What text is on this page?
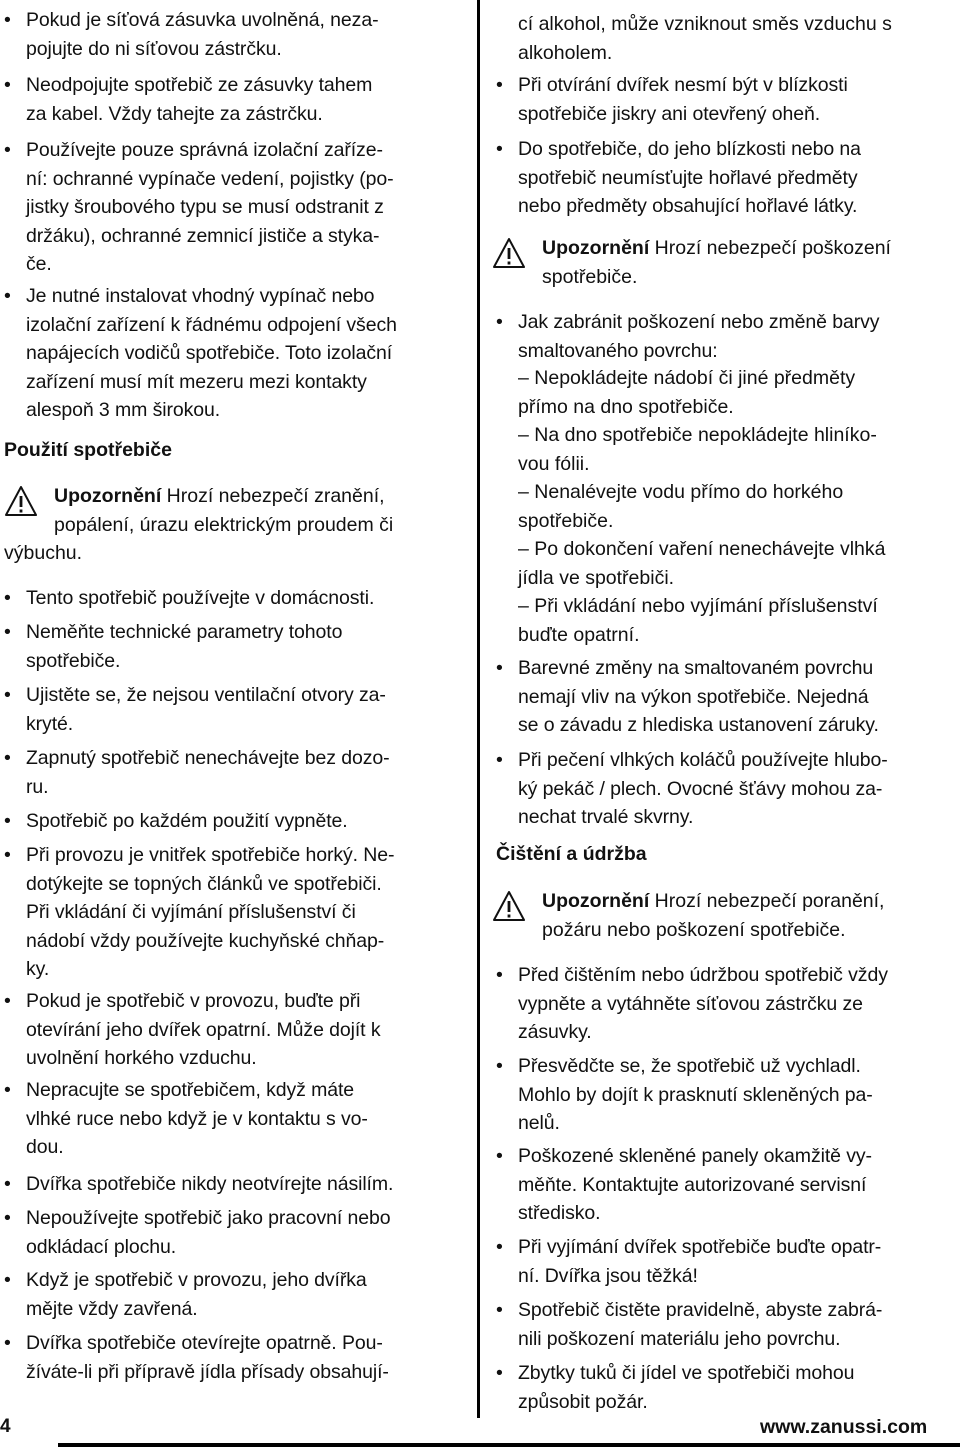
• Pokud je síťová zásuvka uvolněná, neza-
pojujte do ni síťovou zástrčku.
• Neodpojujte spotřebič ze zásuvky tahem
za kabel. Vždy tahejte za zástrčku.
• Používejte pouze správná izolační zaříze-
ní: ochranné vypínače vedení, pojistky (po-
jistky šroubového typu se musí odstranit z
držáku), ochranné zemnicí jističe a styka-
če.
• Je nutné instalovat vhodný vypínač nebo
izolační zařízení k řádnému odpojení všech
napájecích vodičů spotřebiče. Toto izolační
zařízení musí mít mezeru mezi kontakty
alespoň 3 mm širokou.
Použití spotřebiče
Upozornění Hrozí nebezpečí zranění,
popálení, úrazu elektrickým proudem či
výbuchu.
• Tento spotřebič používejte v domácnosti.
• Neměňte technické parametry tohoto
spotřebiče.
• Ujistěte se, že nejsou ventilační otvory za-
kryté.
• Zapnutý spotřebič nenechávejte bez dozo-
ru.
• Spotřebič po každém použití vypněte.
• Při provozu je vnitřek spotřebiče horký. Ne-
dotýkejte se topných článků ve spotřebiči.
Při vkládání či vyjímání příslušenství či
nádobí vždy používejte kuchyňské chňap-
ky.
• Pokud je spotřebič v provozu, buďte při
otevírání jeho dvířek opatrní. Může dojít k
uvolnění horkého vzduchu.
• Nepracujte se spotřebičem, když máte
vlhké ruce nebo když je v kontaktu s vo-
dou.
• Dvířka spotřebiče nikdy neotvírejte násilím.
• Nepoužívejte spotřebič jako pracovní nebo
odkládací plochu.
• Když je spotřebič v provozu, jeho dvířka
mějte vždy zavřená.
• Dvířka spotřebiče otevírejte opatrně. Pou-
žíváte-li při přípravě jídla přísady obsahují-
cí alkohol, může vzniknout směs vzduchu s
alkoholem.
• Při otvírání dvířek nesmí být v blízkosti
spotřebiče jiskry ani otevřený oheň.
• Do spotřebiče, do jeho blízkosti nebo na
spotřebič neumísťujte hořlavé předměty
nebo předměty obsahující hořlavé látky.
Upozornění Hrozí nebezpečí poškození
spotřebiče.
• Jak zabránit poškození nebo změně barvy
smaltovaného povrchu:
– Nepokládejte nádobí či jiné předměty
přímo na dno spotřebiče.
– Na dno spotřebiče nepokládejte hliníko-
vou fólii.
– Nenalévejte vodu přímo do horkého
spotřebiče.
– Po dokončení vaření nenechávejte vlhká
jídla ve spotřebiči.
– Při vkládání nebo vyjímání příslušenství
buďte opatrní.
• Barevné změny na smaltovaném povrchu
nemají vliv na výkon spotřebiče. Nejedná
se o závadu z hlediska ustanovení záruky.
• Při pečení vlhkých koláčů používejte hlubo-
ký pekáč / plech. Ovocné šťávy mohou za-
nechat trvalé skvrny.
Čištění a údržba
Upozornění Hrozí nebezpečí poranění,
požáru nebo poškození spotřebiče.
• Před čištěním nebo údržbou spotřebič vždy
vypněte a vytáhněte síťovou zástrčku ze
zásuvky.
• Přesvědčte se, že spotřebič už vychladl.
Mohlo by dojít k prasknutí skleněných pa-
nelů.
• Poškozené skleněné panely okamžitě vy-
měňte. Kontaktujte autorizované servisní
středisko.
• Při vyjímání dvířek spotřebiče buďte opatr-
ní. Dvířka jsou těžká!
• Spotřebič čistěte pravidelně, abyste zabrá-
nili poškození materiálu jeho povrchu.
• Zbytky tuků či jídel ve spotřebiči mohou
způsobit požár.
4	www.zanussi.com
